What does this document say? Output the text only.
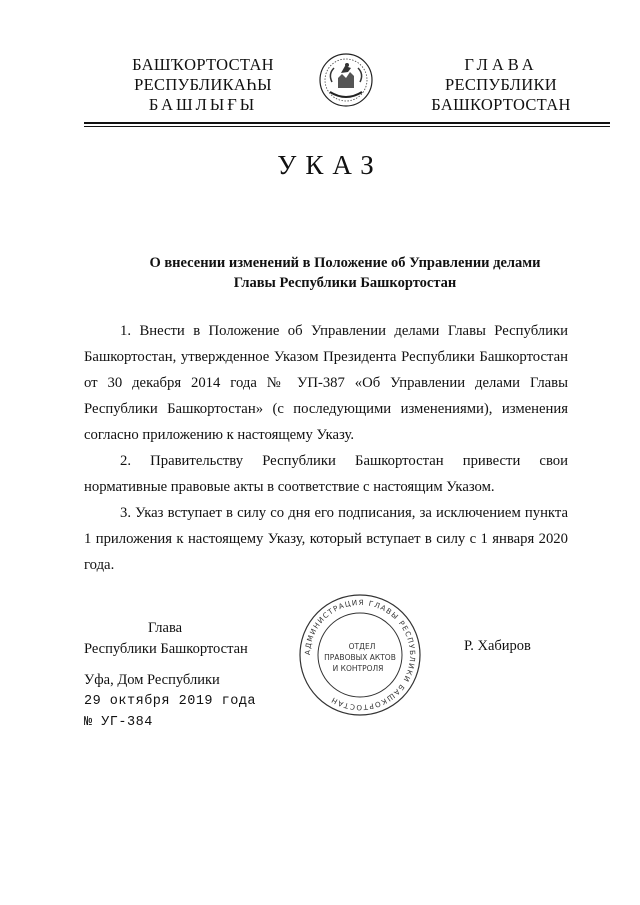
БАШҠОРТОСТАН
РЕСПУБЛИКАҺЫ
БАШЛЫҒЫ
ГЛАВА
РЕСПУБЛИКИ
БАШКОРТОСТАН
УКАЗ
О внесении изменений в Положение об Управлении делами
Главы Республики Башкортостан

1. Внести в Положение об Управлении делами Главы Республики Башкортостан, утвержденное Указом Президента Республики Башкортостан от 30 декабря 2014 года № УП-387 «Об Управлении делами Главы Республики Башкортостан» (с последующими изменениями), изменения согласно приложению к настоящему Указу.

2. Правительству Республики Башкортостан привести свои нормативные правовые акты в соответствие с настоящим Указом.

3. Указ вступает в силу со дня его подписания, за исключением пункта 1 приложения к настоящему Указу, который вступает в силу с 1 января 2020 года.

Глава
Республики Башкортостан	АДМИНИСТРАЦИЯ ГЛАВЫ РЕСПУБЛИКИ БАШКОРТОСТАН
ОТДЕЛ
ПРАВОВЫХ АКТОВ
И КОНТРОЛЯ
Р. Хабиров
Уфа, Дом Республики
29 октября 2019 года
№ УГ-384
